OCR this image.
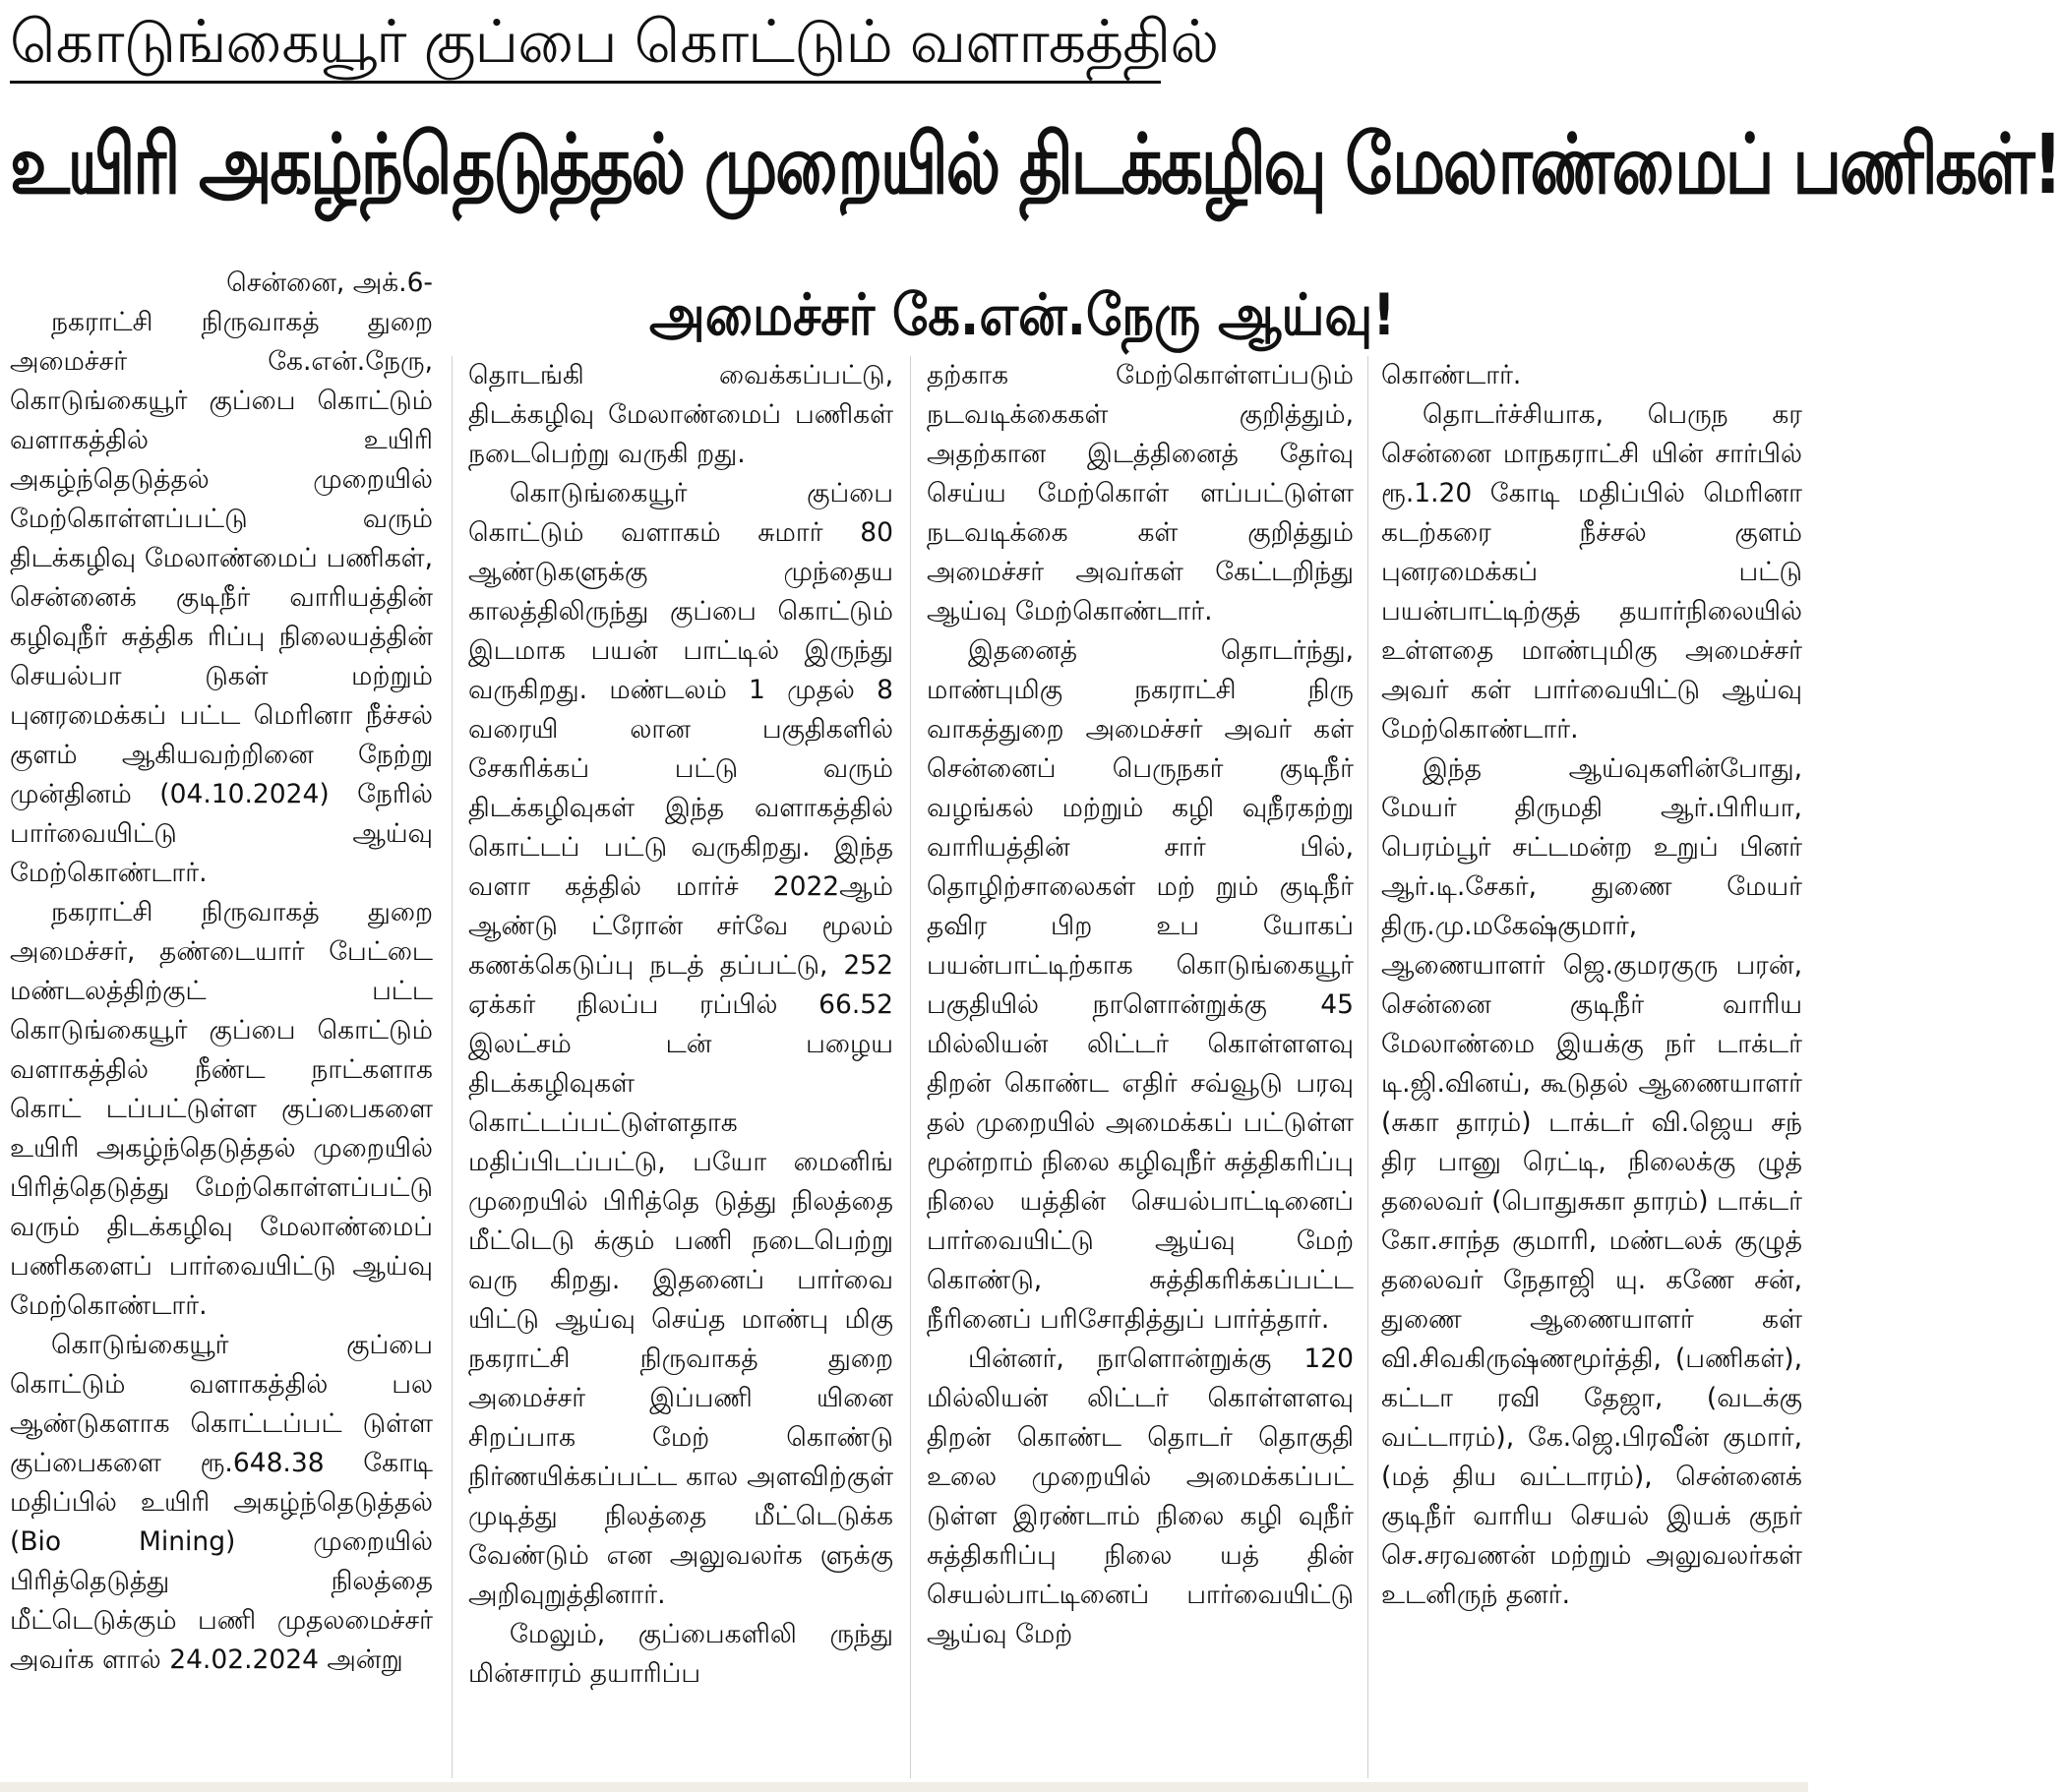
கொடுங்கையூர் குப்பை கொட்டும் வளாகத்தில்
உயிரி அகழ்ந்தெடுத்தல் முறையில் திடக்கழிவு மேலாண்மைப் பணிகள்!
அமைச்சர் கே.என்.நேரு ஆய்வு!

சென்னை, அக்.6-

நகராட்சி நிருவாகத் துறை அமைச்சர் கே.என்.நேரு, கொடுங்கையூர் குப்பை கொட்டும் வளாகத்தில் உயிரி அகழ்ந்தெடுத்தல் முறையில் மேற்கொள்ளப்பட்டு வரும் திடக்கழிவு மேலாண்மைப் பணிகள், சென்னைக் குடிநீர் வாரியத்தின் கழிவுநீர் சுத்திக ரிப்பு நிலையத்தின் செயல்பா டுகள் மற்றும் புனரமைக்கப் பட்ட மெரினா நீச்சல் குளம் ஆகியவற்றினை நேற்று முன்தினம் (04.10.2024) நேரில் பார்வையிட்டு ஆய்வு மேற்கொண்டார்.

நகராட்சி நிருவாகத் துறை அமைச்சர், தண்டையார் பேட்டை மண்டலத்திற்குட் பட்ட கொடுங்கையூர் குப்பை கொட்டும் வளாகத்தில் நீண்ட நாட்களாக கொட் டப்பட்டுள்ள குப்பைகளை உயிரி அகழ்ந்தெடுத்தல் முறையில் பிரித்தெடுத்து மேற்கொள்ளப்பட்டு வரும் திடக்கழிவு மேலாண்மைப் பணிகளைப் பார்வையிட்டு ஆய்வு மேற்கொண்டார்.

கொடுங்கையூர் குப்பை கொட்டும் வளாகத்தில் பல ஆண்டுகளாக கொட்டப்பட் டுள்ள குப்பைகளை ரூ.648.38 கோடி மதிப்பில் உயிரி அகழ்ந்தெடுத்தல் (Bio Mining) முறையில் பிரித்தெடுத்து நிலத்தை மீட்டெடுக்கும் பணி முதலமைச்சர் அவர்க ளால் 24.02.2024 அன்று

தொடங்கி வைக்கப்பட்டு, திடக்கழிவு மேலாண்மைப் பணிகள் நடைபெற்று வருகி றது.

கொடுங்கையூர் குப்பை கொட்டும் வளாகம் சுமார் 80 ஆண்டுகளுக்கு முந்தைய காலத்திலிருந்து குப்பை கொட்டும் இடமாக பயன் பாட்டில் இருந்து வருகிறது. மண்டலம் 1 முதல் 8 வரையி லான பகுதிகளில் சேகரிக்கப் பட்டு வரும் திடக்கழிவுகள் இந்த வளாகத்தில் கொட்டப் பட்டு வருகிறது. இந்த வளா கத்தில் மார்ச் 2022ஆம் ஆண்டு ட்ரோன் சர்வே மூலம் கணக்கெடுப்பு நடத் தப்பட்டு, 252 ஏக்கர் நிலப்ப ரப்பில் 66.52 இலட்சம் டன் பழைய திடக்கழிவுகள் கொட்டப்பட்டுள்ளதாக மதிப்பிடப்பட்டு, பயோ மைனிங் முறையில் பிரித்தெ டுத்து நிலத்தை மீட்டெடு க்கும் பணி நடைபெற்று வரு கிறது. இதனைப் பார்வை யிட்டு ஆய்வு செய்த மாண்பு மிகு நகராட்சி நிருவாகத் துறை அமைச்சர் இப்பணி யினை சிறப்பாக மேற் கொண்டு நிர்ணயிக்கப்பட்ட கால அளவிற்குள் முடித்து நிலத்தை மீட்டெடுக்க வேண்டும் என அலுவலர்க ளுக்கு அறிவுறுத்தினார்.

மேலும், குப்பைகளிலி ருந்து மின்சாரம் தயாரிப்ப

தற்காக மேற்கொள்ளப்படும் நடவடிக்கைகள் குறித்தும், அதற்கான இடத்தினைத் தேர்வு செய்ய மேற்கொள் ளப்பட்டுள்ள நடவடிக்கை கள் குறித்தும் அமைச்சர் அவர்கள் கேட்டறிந்து ஆய்வு மேற்கொண்டார்.

இதனைத் தொடர்ந்து, மாண்புமிகு நகராட்சி நிரு வாகத்துறை அமைச்சர் அவர் கள் சென்னைப் பெருநகர் குடிநீர் வழங்கல் மற்றும் கழி வுநீரகற்று வாரியத்தின் சார் பில், தொழிற்சாலைகள் மற் றும் குடிநீர் தவிர பிற உப யோகப் பயன்பாட்டிற்காக கொடுங்கையூர் பகுதியில் நாளொன்றுக்கு 45 மில்லியன் லிட்டர் கொள்ளளவு திறன் கொண்ட எதிர் சவ்வூடு பரவு தல் முறையில் அமைக்கப் பட்டுள்ள மூன்றாம் நிலை கழிவுநீர் சுத்திகரிப்பு நிலை யத்தின் செயல்பாட்டினைப் பார்வையிட்டு ஆய்வு மேற் கொண்டு, சுத்திகரிக்கப்பட்ட நீரினைப் பரிசோதித்துப் பார்த்தார்.

பின்னர், நாளொன்றுக்கு 120 மில்லியன் லிட்டர் கொள்ளளவு திறன் கொண்ட தொடர் தொகுதி உலை முறையில் அமைக்கப்பட் டுள்ள இரண்டாம் நிலை கழி வுநீர் சுத்திகரிப்பு நிலை யத் தின் செயல்பாட்டினைப் பார்வையிட்டு ஆய்வு மேற்

கொண்டார்.

தொடர்ச்சியாக, பெருந கர சென்னை மாநகராட்சி யின் சார்பில் ரூ.1.20 கோடி மதிப்பில் மெரினா கடற்கரை நீச்சல் குளம் புனரமைக்கப் பட்டு பயன்பாட்டிற்குத் தயார்நிலையில் உள்ளதை மாண்புமிகு அமைச்சர் அவர் கள் பார்வையிட்டு ஆய்வு மேற்கொண்டார்.

இந்த ஆய்வுகளின்போது, மேயர் திருமதி ஆர்.பிரியா, பெரம்பூர் சட்டமன்ற உறுப் பினர் ஆர்.டி.சேகர், துணை மேயர் திரு.மு.மகேஷ்குமார், ஆணையாளர் ஜெ.குமரகுரு பரன், சென்னை குடிநீர் வாரிய மேலாண்மை இயக்கு நர் டாக்டர் டி.ஜி.வினய், கூடுதல் ஆணையாளர் (சுகா தாரம்) டாக்டர் வி.ஜெய சந் திர பானு ரெட்டி, நிலைக்கு ழுத் தலைவர் (பொதுசுகா தாரம்) டாக்டர் கோ.சாந்த குமாரி, மண்டலக் குழுத் தலைவர் நேதாஜி யு. கணே சன், துணை ஆணையாளர் கள் வி.சிவகிருஷ்ணமூர்த்தி, (பணிகள்), கட்டா ரவி தேஜா, (வடக்கு வட்டாரம்), கே.ஜெ.பிரவீன் குமார், (மத் திய வட்டாரம்), சென்னைக் குடிநீர் வாரிய செயல் இயக் குநர் செ.சரவணன் மற்றும் அலுவலர்கள் உடனிருந் தனர்.
